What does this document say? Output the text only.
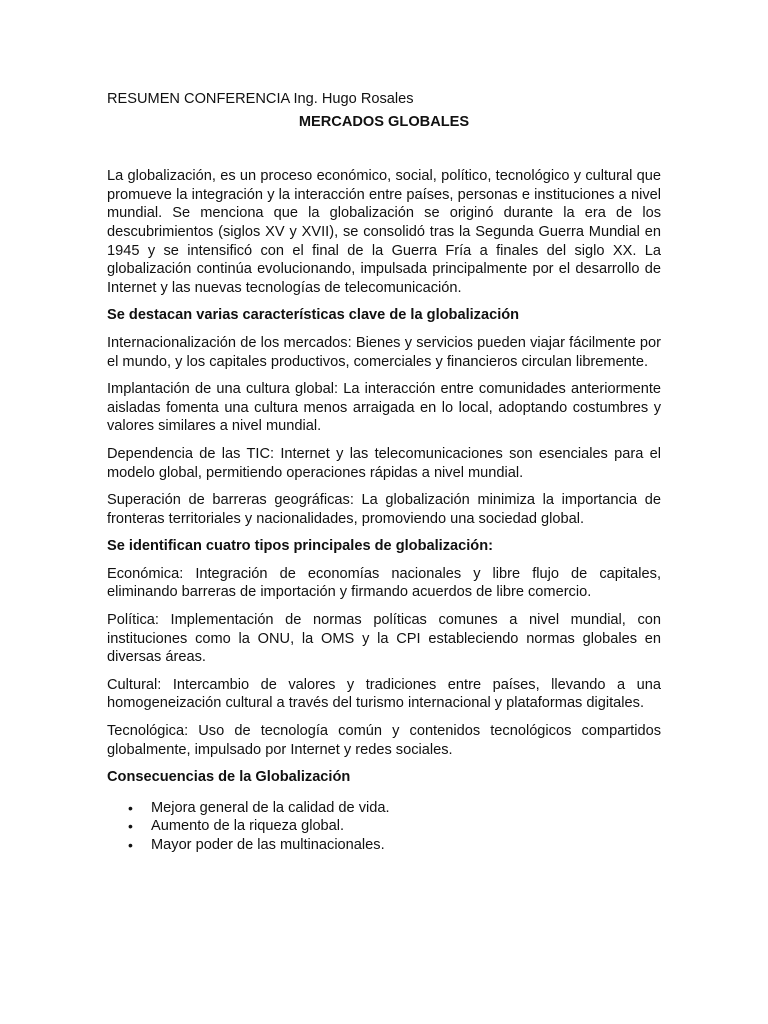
RESUMEN CONFERENCIA Ing. Hugo Rosales
MERCADOS GLOBALES

La globalización, es un proceso económico, social, político, tecnológico y cultural que promueve la integración y la interacción entre países, personas e instituciones a nivel mundial. Se menciona que la globalización se originó durante la era de los descubrimientos (siglos XV y XVII), se consolidó tras la Segunda Guerra Mundial en 1945 y se intensificó con el final de la Guerra Fría a finales del siglo XX. La globalización continúa evolucionando, impulsada principalmente por el desarrollo de Internet y las nuevas tecnologías de telecomunicación.

Se destacan varias características clave de la globalización

Internacionalización de los mercados: Bienes y servicios pueden viajar fácilmente por el mundo, y los capitales productivos, comerciales y financieros circulan libremente.

Implantación de una cultura global: La interacción entre comunidades anteriormente aisladas fomenta una cultura menos arraigada en lo local, adoptando costumbres y valores similares a nivel mundial.

Dependencia de las TIC: Internet y las telecomunicaciones son esenciales para el modelo global, permitiendo operaciones rápidas a nivel mundial.

Superación de barreras geográficas: La globalización minimiza la importancia de fronteras territoriales y nacionalidades, promoviendo una sociedad global.

Se identifican cuatro tipos principales de globalización:

Económica: Integración de economías nacionales y libre flujo de capitales, eliminando barreras de importación y firmando acuerdos de libre comercio.

Política: Implementación de normas políticas comunes a nivel mundial, con instituciones como la ONU, la OMS y la CPI estableciendo normas globales en diversas áreas.

Cultural: Intercambio de valores y tradiciones entre países, llevando a una homogeneización cultural a través del turismo internacional y plataformas digitales.

Tecnológica: Uso de tecnología común y contenidos tecnológicos compartidos globalmente, impulsado por Internet y redes sociales.

Consecuencias de la Globalización
• Mejora general de la calidad de vida.
• Aumento de la riqueza global.
• Mayor poder de las multinacionales.
